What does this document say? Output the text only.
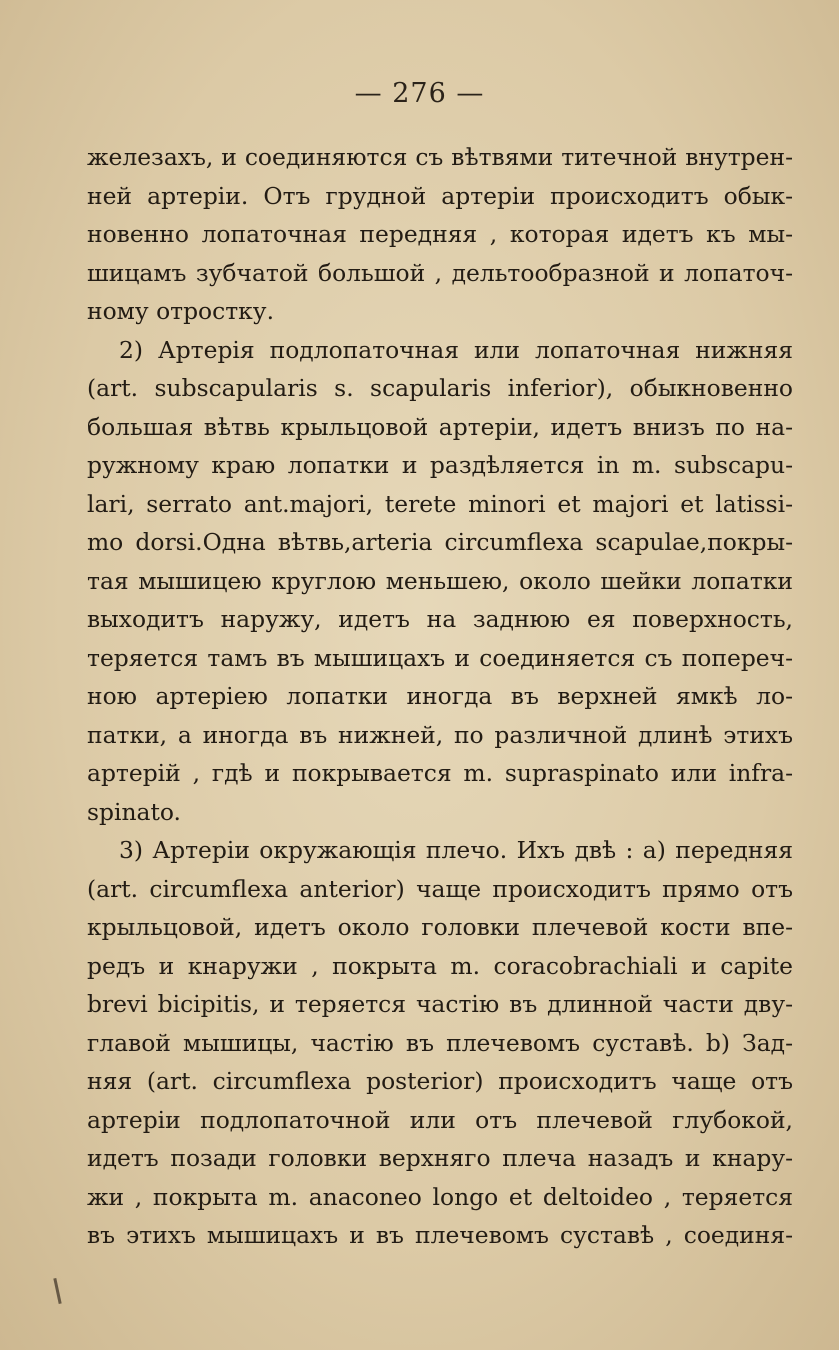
— 276 —
железахъ, и соединяются съ вѣтвями титечной внутрен-
ней артеріи. Отъ грудной артеріи происходитъ обык-
новенно лопаточная передняя , которая идетъ къ мы-
шицамъ зубчатой большой , дельтообразной и лопаточ-
ному отростку.
2) Артерія подлопаточная или лопаточная нижняя
(art. subscapularis s. scapularis inferior), обыкновенно
большая вѣтвь крыльцовой артеріи, идетъ внизъ по на-
ружному краю лопатки и раздѣляется in m. subscapu-
lari, serrato ant.majori, terete minori et majori et latissi-
mo dorsi.Одна вѣтвь,arteria circumflexa scapulae,покры-
тая мышицею круглою меньшею, около шейки лопатки
выходитъ наружу, идетъ на заднюю ея поверхность,
теряется тамъ въ мышицахъ и соединяется съ попереч-
ною артеріею лопатки иногда въ верхней ямкѣ ло-
патки, а иногда въ нижней, по различной длинѣ этихъ
артерій , гдѣ и покрывается m. supraspinato или infra-
spinato.
3) Артеріи окружающія плечо. Ихъ двѣ : а) передняя
(art. circumflexa anterior) чаще происходитъ прямо отъ
крыльцовой, идетъ около головки плечевой кости впе-
редъ и кнаружи , покрыта m. coracobrachiali и capite
brevi bicipitis, и теряется частію въ длинной части дву-
главой мышицы, частію въ плечевомъ суставѣ. b) Зад-
няя (art. circumflexa posterior) происходитъ чаще отъ
артеріи подлопаточной или отъ плечевой глубокой,
идетъ позади головки верхняго плеча назадъ и кнару-
жи , покрыта m. anaconeo longo et deltoideo , теряется
въ этихъ мышицахъ и въ плечевомъ суставѣ , соединя-
